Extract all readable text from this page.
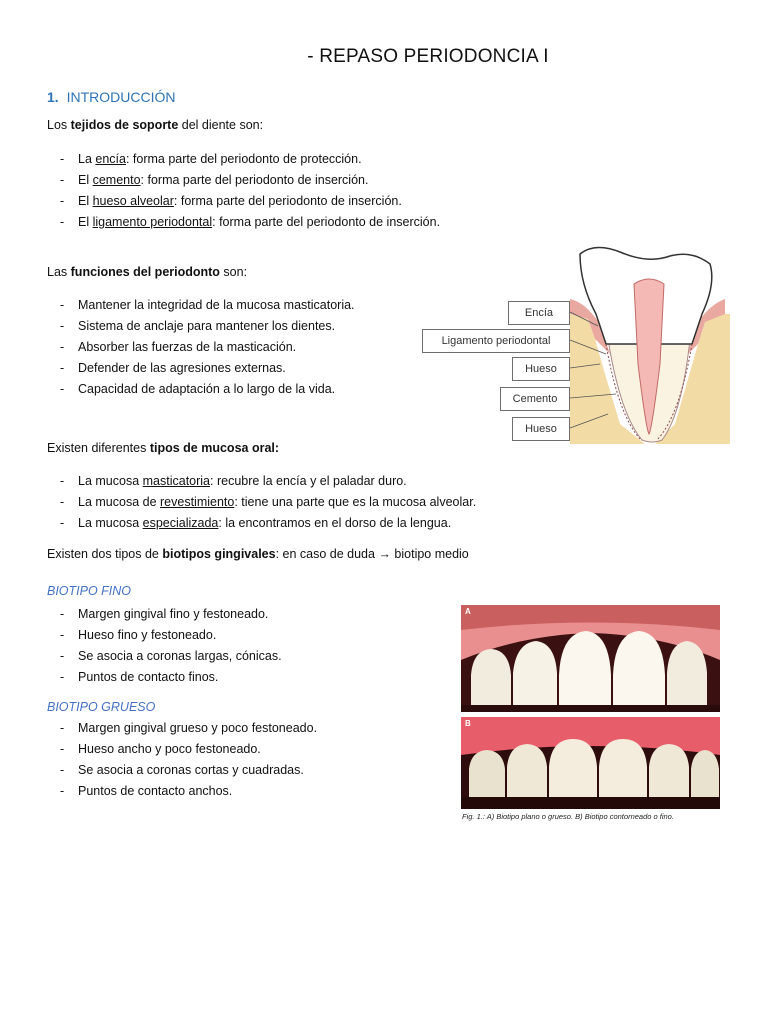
- REPASO PERIODONCIA I
1. INTRODUCCIÓN
Los tejidos de soporte del diente son:
- La encía: forma parte del periodonto de protección.
- El cemento: forma parte del periodonto de inserción.
- El hueso alveolar: forma parte del periodonto de inserción.
- El ligamento periodontal: forma parte del periodonto de inserción.
Las funciones del periodonto son:
- Mantener la integridad de la mucosa masticatoria.
- Sistema de anclaje para mantener los dientes.
- Absorber las fuerzas de la masticación.
- Defender de las agresiones externas.
- Capacidad de adaptación a lo largo de la vida.
Encía
Ligamento periodontal
Hueso
Cemento
Hueso
Existen diferentes tipos de mucosa oral:
- La mucosa masticatoria: recubre la encía y el paladar duro.
- La mucosa de revestimiento: tiene una parte que es la mucosa alveolar.
- La mucosa especializada: la encontramos en el dorso de la lengua.
Existen dos tipos de biotipos gingivales: en caso de duda → biotipo medio
BIOTIPO FINO
- Margen gingival fino y festoneado.
- Hueso fino y festoneado.
- Se asocia a coronas largas, cónicas.
- Puntos de contacto finos.
BIOTIPO GRUESO
- Margen gingival grueso y poco festoneado.
- Hueso ancho y poco festoneado.
- Se asocia a coronas cortas y cuadradas.
- Puntos de contacto anchos.
A
B
Fig. 1.: A) Biotipo plano o grueso. B) Biotipo contorneado o fino.
